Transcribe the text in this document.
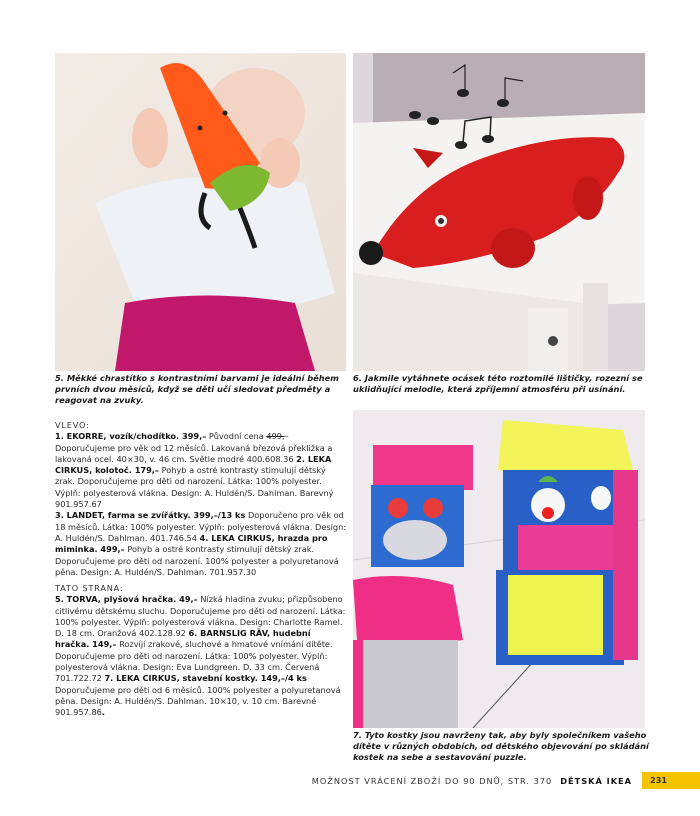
5. Měkké chrastítko s kontrastními barvami je ideální během prvních dvou měsíců, když se děti učí sledovat předměty a reagovat na zvuky.
6. Jakmile vytáhnete ocásek této roztomilé lištičky, rozezní se uklidňující melodie, která zpříjemní atmosféru při usínání.
7. Tyto kostky jsou navrženy tak, aby byly společníkem vašeho dítěte v různých obdobích, od dětského objevování po skládání kostek na sebe a sestavování puzzle.
VLEVO:
1. EKORRE, vozík/chodítko. 399,– Původní cena 499,– Doporučujeme pro věk od 12 měsíců. Lakovaná březová překližka a lakovaná ocel. 40×30, v. 46 cm. Světle modré 400.608.36 2. LEKA CIRKUS, kolotoč. 179,– Pohyb a ostré kontrasty stimulují dětský zrak. Doporučujeme pro děti od narození. Látka: 100% polyester. Výplň: polyesterová vlákna. Design: A. Huldén/S. Dahlman. Barevný 901.957.67
3. LANDET, farma se zvířátky. 399,–/13 ks Doporučeno pro věk od 18 měsíců. Látka: 100% polyester. Výplň: polyesterová vlákna. Design: A. Huldén/S. Dahlman. 401.746.54 4. LEKA CIRKUS, hrazda pro miminka. 499,– Pohyb a ostré kontrasty stimulují dětský zrak. Doporučujeme pro děti od narození. 100% polyester a polyuretanová pěna. Design: A. Huldén/S. Dahlman. 701.957.30
TATO STRANA:
5. TORVA, plyšová hračka. 49,– Nízká hladina zvuku; přizpůsobeno citlivému dětskému sluchu. Doporučujeme pro děti od narození. Látka: 100% polyester. Výplň: polyesterová vlákna. Design: Charlotte Ramel. D. 18 cm. Oranžová 402.128.92 6. BARNSLIG RÄV, hudební hračka. 149,– Rozvíjí zrakové, sluchové a hmatové vnímání dítěte. Doporučujeme pro děti od narození. Látka: 100% polyester. Výplň: polyesterová vlákna. Design: Eva Lundgreen. D. 33 cm. Červená 701.722.72 7. LEKA CIRKUS, stavební kostky. 149,–/4 ks Doporučujeme pro děti od 6 měsíců. 100% polyester a polyuretanová pěna. Design: A. Huldén/S. Dahlman. 10×10, v. 10 cm. Barevné 901.957.86.
MOŽNOST VRÁCENÍ ZBOŽÍ DO 90 DNŮ, STR. 370 DĚTSKÁ IKEA	231
